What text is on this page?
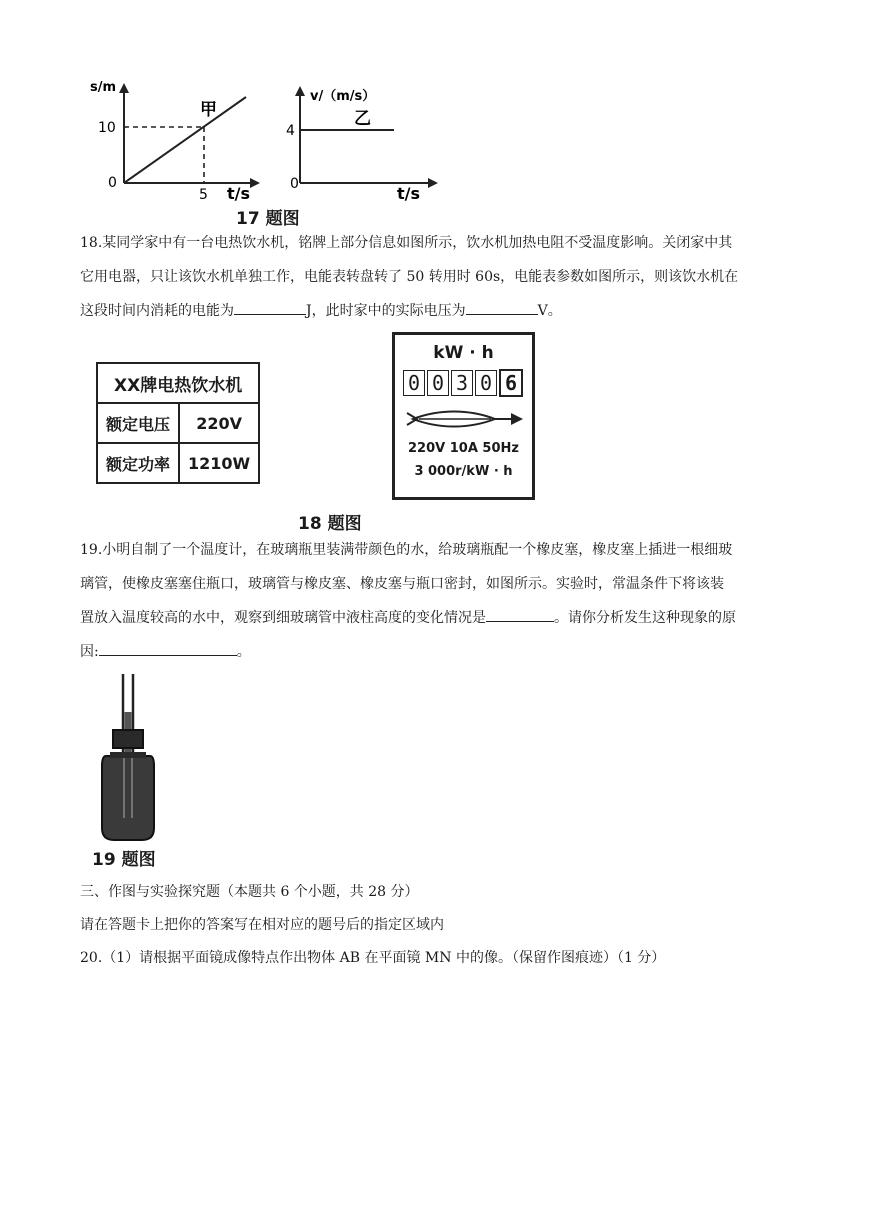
s/m
10
0
5 t/s
甲
v/（m/s）
4
0	t/s
乙
17 题图
18.某同学家中有一台电热饮水机，铭牌上部分信息如图所示，饮水机加热电阻不受温度影响。关闭家中其
它用电器，只让该饮水机单独工作，电能表转盘转了 50 转用时 60s，电能表参数如图所示，则该饮水机在
这段时间内消耗的电能为	J，此时家中的实际电压为	V。
XX牌电热饮水机	
额定电压	220V
额定功率	1210W
kW · h
0 0 3 0 6
220V 10A 50Hz
3 000r/kW · h
18 题图
19.小明自制了一个温度计，在玻璃瓶里装满带颜色的水，给玻璃瓶配一个橡皮塞，橡皮塞上插进一根细玻
璃管，使橡皮塞塞住瓶口，玻璃管与橡皮塞、橡皮塞与瓶口密封，如图所示。实验时，常温条件下将该装
置放入温度较高的水中，观察到细玻璃管中液柱高度的变化情况是	。请你分析发生这种现象的原
因:	。
19 题图
三、作图与实验探究题（本题共 6 个小题，共 28 分）
请在答题卡上把你的答案写在相对应的题号后的指定区域内
20.（1）请根据平面镜成像特点作出物体 AB 在平面镜 MN 中的像。（保留作图痕迹）（1 分）
